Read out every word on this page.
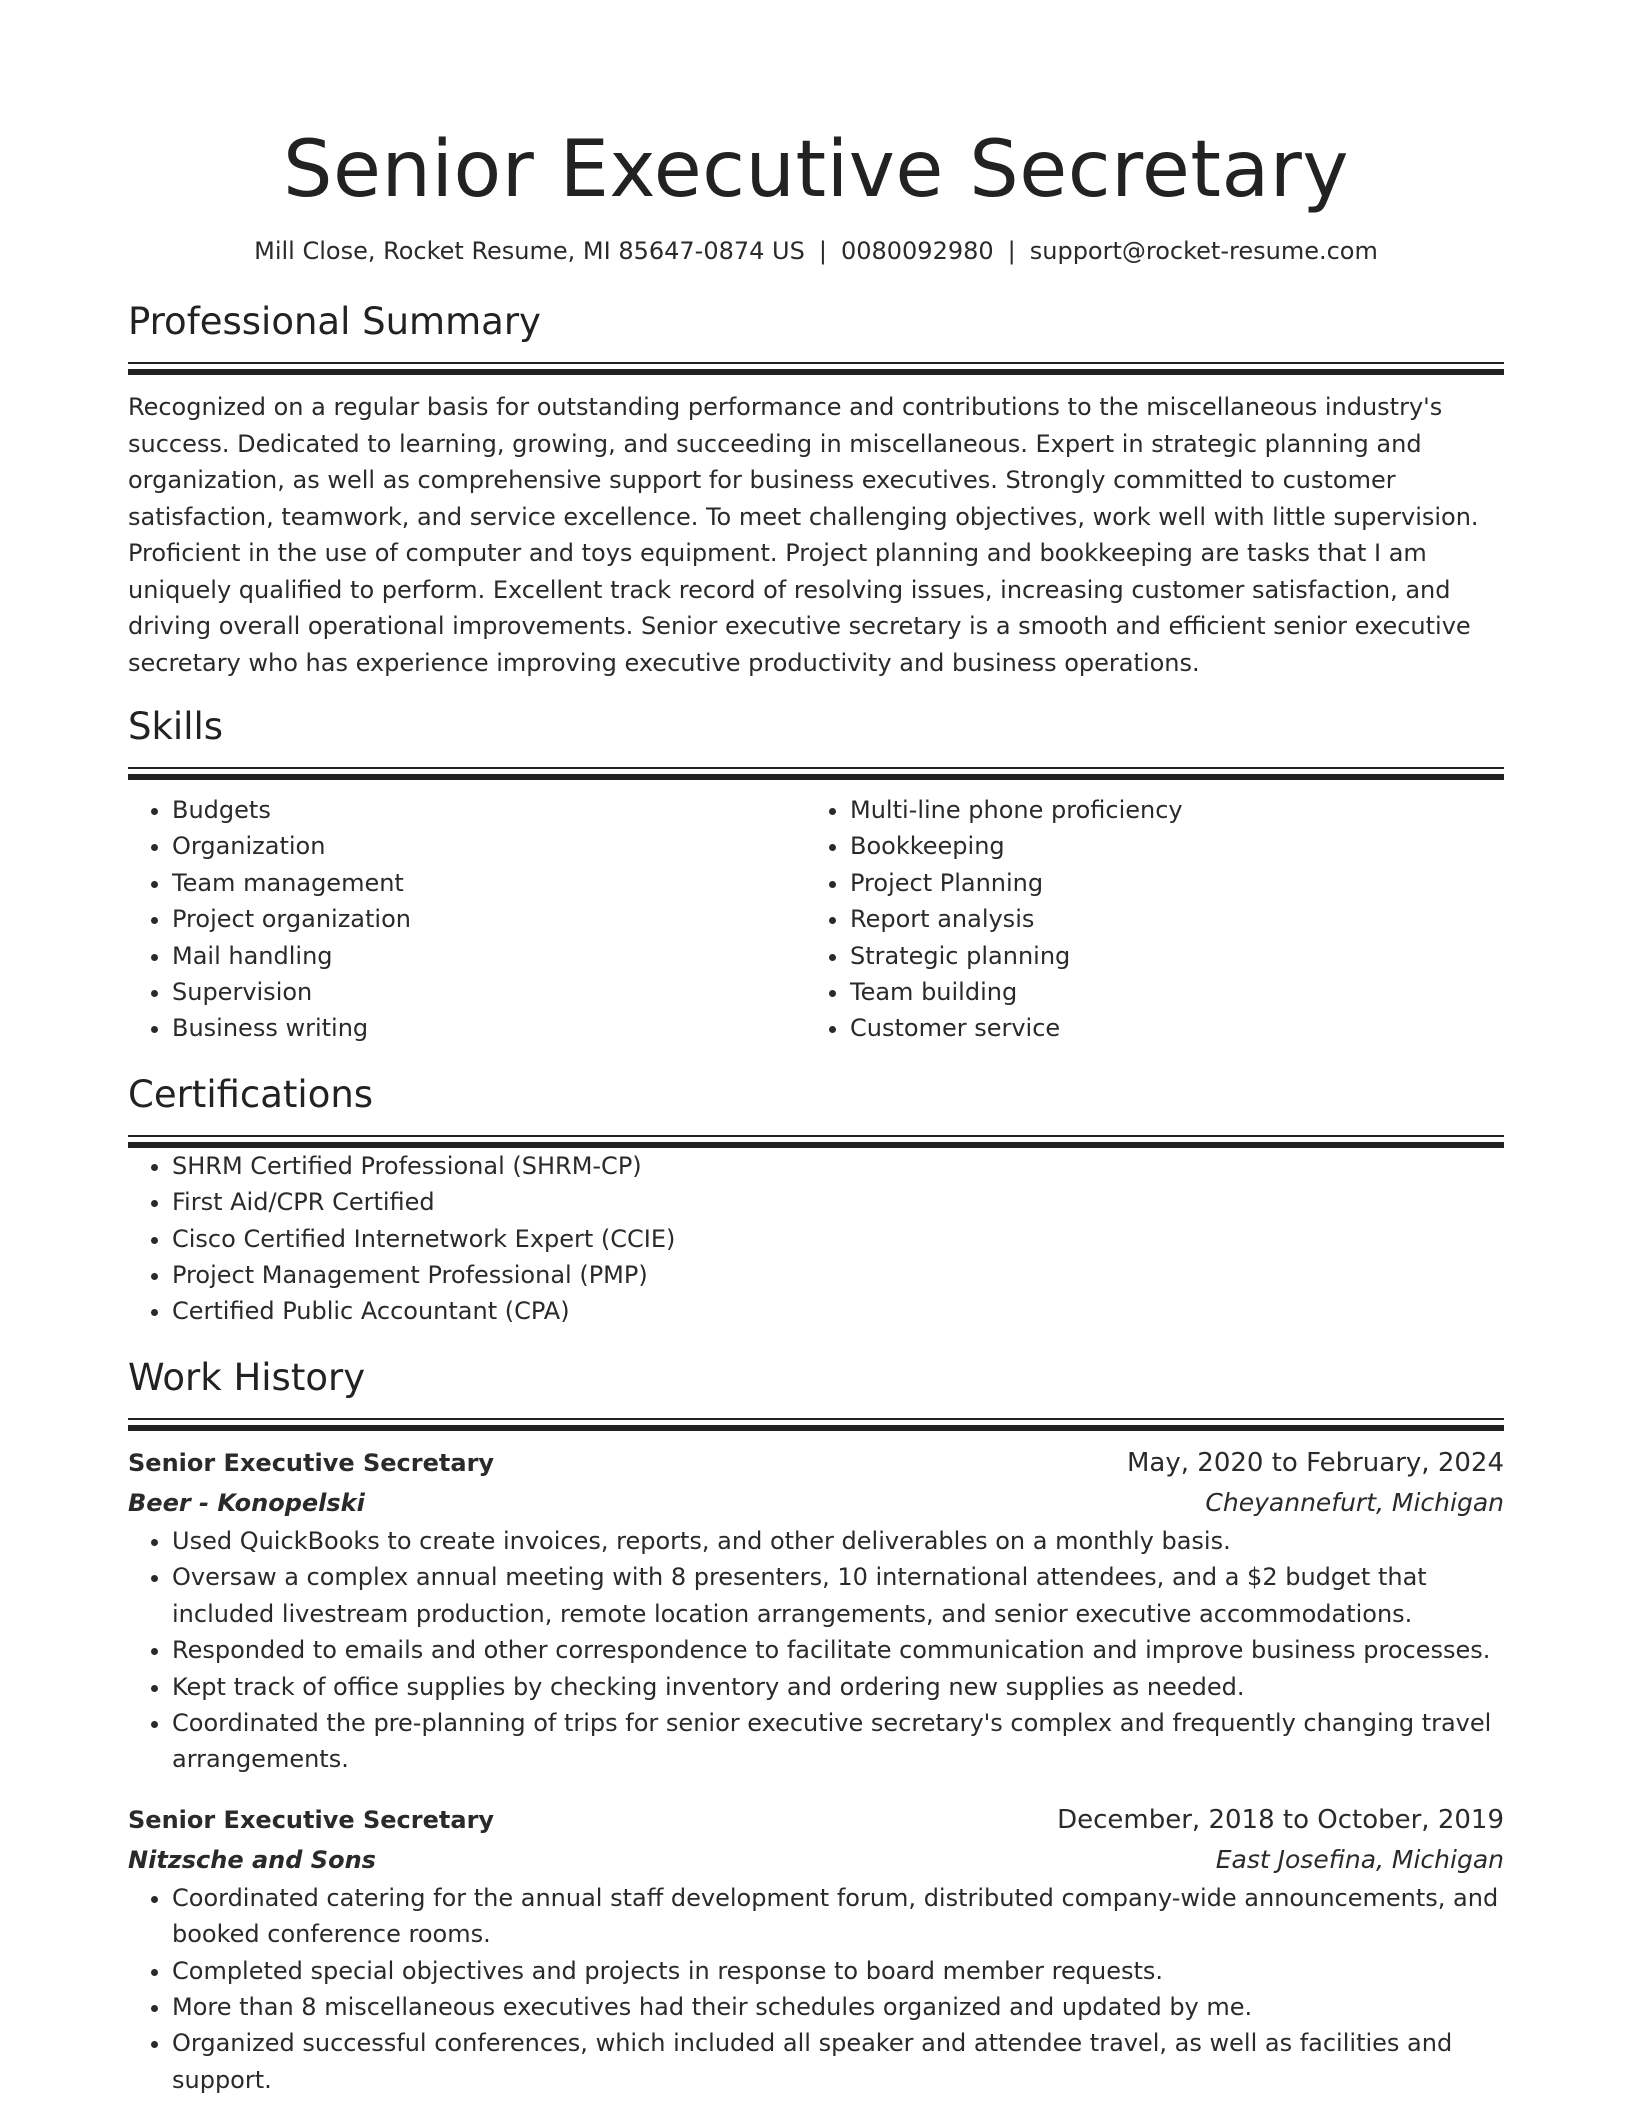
Senior Executive Secretary
Mill Close, Rocket Resume, MI 85647-0874 US | 0080092980 | support@rocket-resume.com
Professional Summary
Recognized on a regular basis for outstanding performance and contributions to the miscellaneous industry's success. Dedicated to learning, growing, and succeeding in miscellaneous. Expert in strategic planning and organization, as well as comprehensive support for business executives. Strongly committed to customer satisfaction, teamwork, and service excellence. To meet challenging objectives, work well with little supervision. Proficient in the use of computer and toys equipment. Project planning and bookkeeping are tasks that I am uniquely qualified to perform. Excellent track record of resolving issues, increasing customer satisfaction, and driving overall operational improvements. Senior executive secretary is a smooth and efficient senior executive secretary who has experience improving executive productivity and business operations.
Skills
• Budgets
• Organization
• Team management
• Project organization
• Mail handling
• Supervision
• Business writing
• Multi-line phone proficiency
• Bookkeeping
• Project Planning
• Report analysis
• Strategic planning
• Team building
• Customer service
Certifications
• SHRM Certified Professional (SHRM-CP)
• First Aid/CPR Certified
• Cisco Certified Internetwork Expert (CCIE)
• Project Management Professional (PMP)
• Certified Public Accountant (CPA)
Work History
Senior Executive Secretary	May, 2020 to February, 2024
Beer - Konopelski	Cheyannefurt, Michigan
• Used QuickBooks to create invoices, reports, and other deliverables on a monthly basis.
• Oversaw a complex annual meeting with 8 presenters, 10 international attendees, and a $2 budget that included livestream production, remote location arrangements, and senior executive accommodations.
• Responded to emails and other correspondence to facilitate communication and improve business processes.
• Kept track of office supplies by checking inventory and ordering new supplies as needed.
• Coordinated the pre-planning of trips for senior executive secretary's complex and frequently changing travel arrangements.
Senior Executive Secretary	December, 2018 to October, 2019
Nitzsche and Sons	East Josefina, Michigan
• Coordinated catering for the annual staff development forum, distributed company-wide announcements, and booked conference rooms.
• Completed special objectives and projects in response to board member requests.
• More than 8 miscellaneous executives had their schedules organized and updated by me.
• Organized successful conferences, which included all speaker and attendee travel, as well as facilities and support.
